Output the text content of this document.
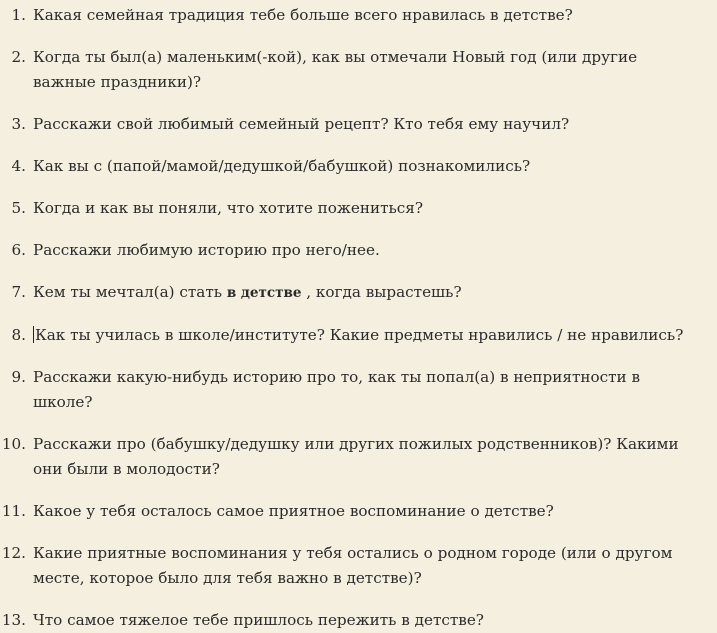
1. Какая семейная традиция тебе больше всего нравилась в детстве?
2. Когда ты был(а) маленьким(-кой), как вы отмечали Новый год (или другие важные праздники)?
3. Расскажи свой любимый семейный рецепт? Кто тебя ему научил?
4. Как вы с (папой/мамой/дедушкой/бабушкой) познакомились?
5. Когда и как вы поняли, что хотите пожениться?
6. Расскажи любимую историю про него/нее.
7. Кем ты мечтал(а) стать в детстве , когда вырастешь?
8. Как ты училась в школе/институте? Какие предметы нравились / не нравились?
9. Расскажи какую-нибудь историю про то, как ты попал(а) в неприятности в школе?
10. Расскажи про (бабушку/дедушку или других пожилых родственников)? Какими они были в молодости?
11. Какое у тебя осталось самое приятное воспоминание о детстве?
12. Какие приятные воспоминания у тебя остались о родном городе (или о другом месте, которое было для тебя важно в детстве)?
13. Что самое тяжелое тебе пришлось пережить в детстве?
